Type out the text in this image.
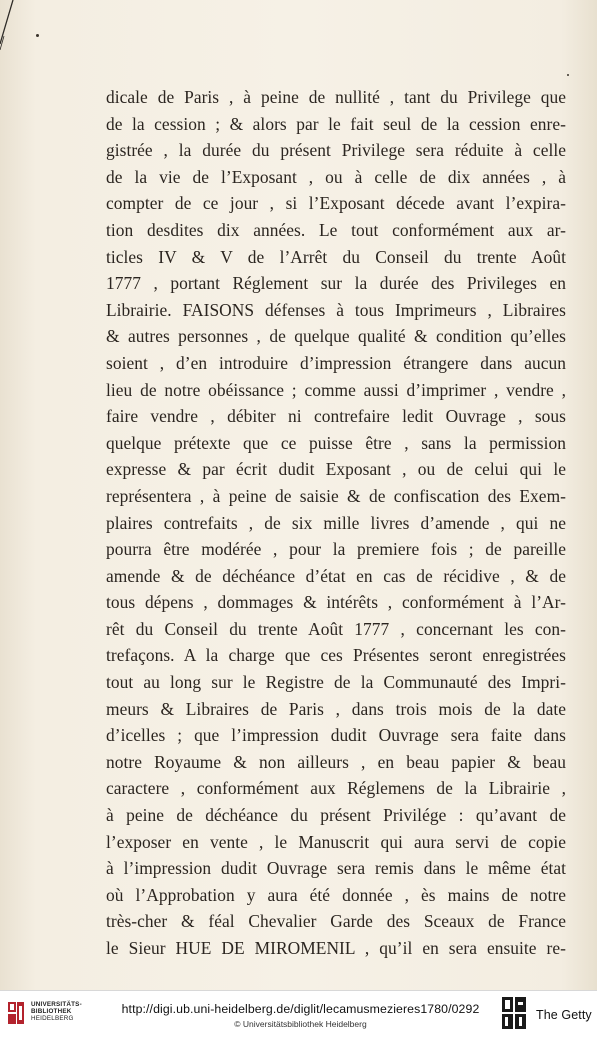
dicale de Paris , à peine de nullité , tant du Privilege que
de la cession ; & alors par le fait seul de la cession enre-
gistrée , la durée du présent Privilege sera réduite à celle
de la vie de l’Exposant , ou à celle de dix années , à
compter de ce jour , si l’Exposant décede avant l’expira-
tion desdites dix années. Le tout conformément aux ar-
ticles IV & V de l’Arrêt du Conseil du trente Août
1777 , portant Réglement sur la durée des Privileges en
Librairie. FAISONS défenses à tous Imprimeurs , Libraires
& autres personnes , de quelque qualité & condition qu’elles
soient , d’en introduire d’impression étrangere dans aucun
lieu de notre obéissance ; comme aussi d’imprimer , vendre ,
faire vendre , débiter ni contrefaire ledit Ouvrage , sous
quelque prétexte que ce puisse être , sans la permission
expresse & par écrit dudit Exposant , ou de celui qui le
représentera , à peine de saisie & de confiscation des Exem-
plaires contrefaits , de six mille livres d’amende , qui ne
pourra être modérée , pour la premiere fois ; de pareille
amende & de déchéance d’état en cas de récidive , & de
tous dépens , dommages & intérêts , conformément à l’Ar-
rêt du Conseil du trente Août 1777 , concernant les con-
trefaçons. A la charge que ces Présentes seront enregistrées
tout au long sur le Registre de la Communauté des Impri-
meurs & Libraires de Paris , dans trois mois de la date
d’icelles ; que l’impression dudit Ouvrage sera faite dans
notre Royaume & non ailleurs , en beau papier & beau
caractere , conformément aux Réglemens de la Librairie ,
à peine de déchéance du présent Privilége : qu’avant de
l’exposer en vente , le Manuscrit qui aura servi de copie
à l’impression dudit Ouvrage sera remis dans le même état
où l’Approbation y aura été donnée , ès mains de notre
très-cher & féal Chevalier Garde des Sceaux de France
le Sieur HUE DE MIROMENIL , qu’il en sera ensuite re-
UNIVERSITÄTS-
BIBLIOTHEK
HEIDELBERG
http://digi.ub.uni-heidelberg.de/diglit/lecamusmezieres1780/0292
© Universitätsbibliothek Heidelberg
The Getty
